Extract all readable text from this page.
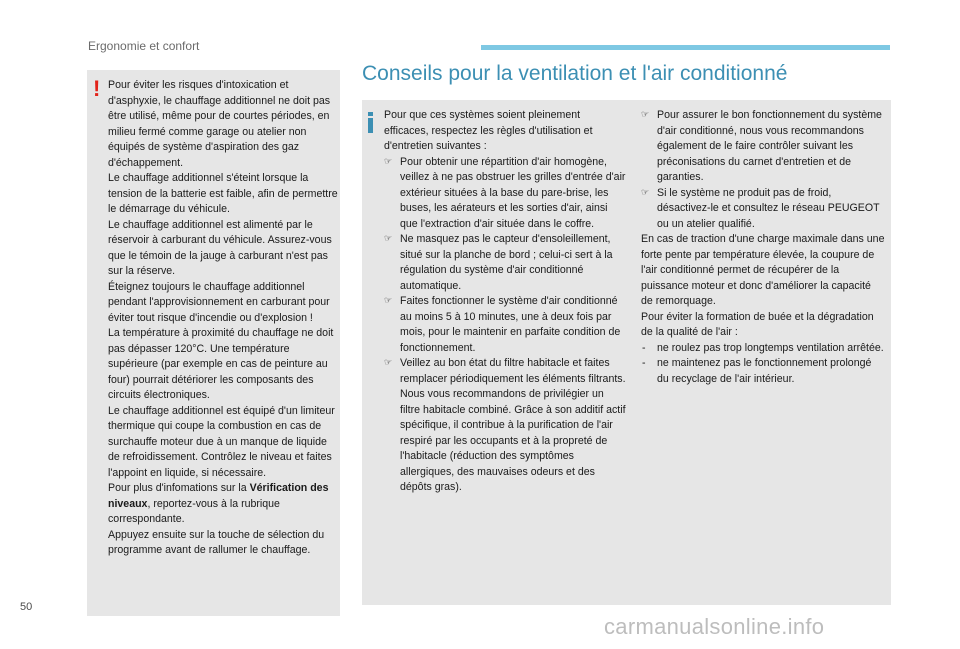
Ergonomie et confort
! Pour éviter les risques d'intoxication et d'asphyxie, le chauffage additionnel ne doit pas être utilisé, même pour de courtes périodes, en milieu fermé comme garage ou atelier non équipés de système d'aspiration des gaz d'échappement.

Le chauffage additionnel s'éteint lorsque la tension de la batterie est faible, afin de permettre le démarrage du véhicule.

Le chauffage additionnel est alimenté par le réservoir à carburant du véhicule. Assurez-vous que le témoin de la jauge à carburant n'est pas sur la réserve.

Éteignez toujours le chauffage additionnel pendant l'approvisionnement en carburant pour éviter tout risque d'incendie ou d'explosion !

La température à proximité du chauffage ne doit pas dépasser 120°C. Une température supérieure (par exemple en cas de peinture au four) pourrait détériorer les composants des circuits électroniques.

Le chauffage additionnel est équipé d'un limiteur thermique qui coupe la combustion en cas de surchauffe moteur due à un manque de liquide de refroidissement. Contrôlez le niveau et faites l'appoint en liquide, si nécessaire.

Pour plus d'infomations sur la Vérification des niveaux, reportez-vous à la rubrique correspondante.

Appuyez ensuite sur la touche de sélection du programme avant de rallumer le chauffage.

Conseils pour la ventilation et l'air conditionné

Pour que ces systèmes soient pleinement efficaces, respectez les règles d'utilisation et d'entretien suivantes :

☞ Pour obtenir une répartition d'air homogène, veillez à ne pas obstruer les grilles d'entrée d'air extérieur situées à la base du pare-brise, les buses, les aérateurs et les sorties d'air, ainsi que l'extraction d'air située dans le coffre.

☞ Ne masquez pas le capteur d'ensoleillement, situé sur la planche de bord ; celui-ci sert à la régulation du système d'air conditionné automatique.

☞ Faites fonctionner le système d'air conditionné au moins 5 à 10 minutes, une à deux fois par mois, pour le maintenir en parfaite condition de fonctionnement.

☞ Veillez au bon état du filtre habitacle et faites remplacer périodiquement les éléments filtrants. Nous vous recommandons de privilégier un filtre habitacle combiné. Grâce à son additif actif spécifique, il contribue à la purification de l'air respiré par les occupants et à la propreté de l'habitacle (réduction des symptômes allergiques, des mauvaises odeurs et des dépôts gras).

☞ Pour assurer le bon fonctionnement du système d'air conditionné, nous vous recommandons également de le faire contrôler suivant les préconisations du carnet d'entretien et de garanties.

☞ Si le système ne produit pas de froid, désactivez-le et consultez le réseau PEUGEOT ou un atelier qualifié.

En cas de traction d'une charge maximale dans une forte pente par température élevée, la coupure de l'air conditionné permet de récupérer de la puissance moteur et donc d'améliorer la capacité de remorquage.

Pour éviter la formation de buée et la dégradation de la qualité de l'air :

- ne roulez pas trop longtemps ventilation arrêtée.

- ne maintenez pas le fonctionnement prolongé du recyclage de l'air intérieur.

50
carmanualsonline.info
